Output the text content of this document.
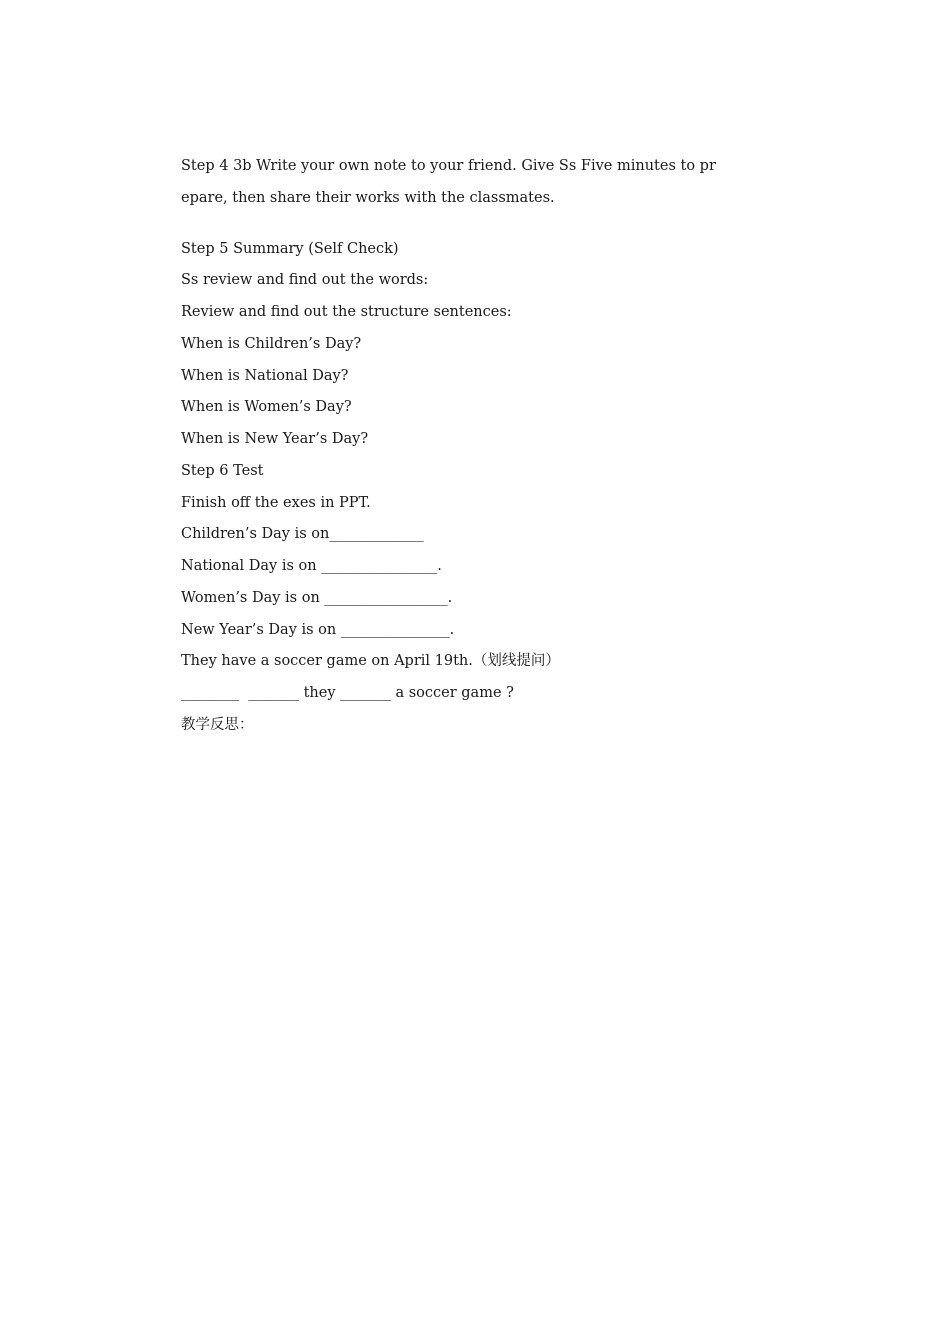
Step 4 3b Write your own note to your friend. Give Ss Five minutes to pr
epare, then share their works with the classmates.
Step 5 Summary (Self Check)
Ss review and find out the words:
Review and find out the structure sentences:
When is Children’s Day?
When is National Day?
When is Women’s Day?
When is New Year’s Day?
Step 6 Test
Finish off the exes in PPT.
Children’s Day is on_____________
National Day is on ________________.
Women’s Day is on _________________.
New Year’s Day is on _______________.
They have a soccer game on April 19th.（划线提问）
________  _______ they _______ a soccer game ?
教学反思：
